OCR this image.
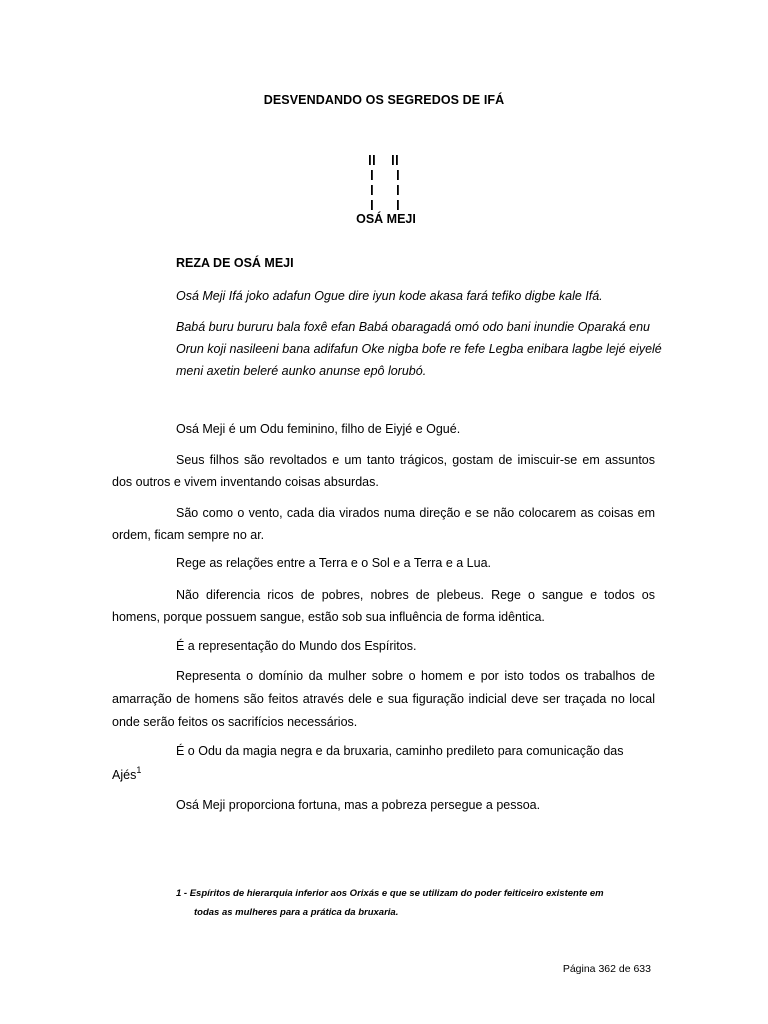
DESVENDANDO OS SEGREDOS DE IFÁ
OSÁ MEJI
REZA DE OSÁ MEJI
Osá Meji Ifá joko adafun Ogue dire iyun kode akasa fará tefiko digbe kale Ifá.
Babá buru bururu bala foxê efan Babá obaragadá omó odo bani inundie Oparaká enu Orun koji nasileeni bana adifafun Oke nigba bofe re fefe Legba enibara lagbe lejé eiyelé meni axetin beleré aunko anunse epô lorubó.
Osá Meji é um Odu feminino, filho de Eiyjé e Ogué.
Seus filhos são revoltados e um tanto trágicos, gostam de imiscuir-se em assuntos dos outros e vivem inventando coisas absurdas.
São como o vento, cada dia virados numa direção e se não colocarem as coisas em ordem, ficam sempre no ar.
Rege as relações entre a Terra e o Sol e a Terra e a Lua.
Não diferencia ricos de pobres, nobres de plebeus. Rege o sangue e todos os homens, porque possuem sangue, estão sob sua influência de forma idêntica.
É a representação do Mundo dos Espíritos.
Representa o domínio da mulher sobre o homem e por isto todos os trabalhos de amarração de homens são feitos através dele e sua figuração indicial deve ser traçada no local onde serão feitos os sacrifícios necessários.
É o Odu da magia negra e da bruxaria, caminho predileto para comunicação das
Ajés$^1$
Osá Meji proporciona fortuna, mas a pobreza persegue a pessoa.
1 - Espíritos de hierarquia inferior aos Orixás e que se utilizam do poder feiticeiro existente em
todas as mulheres para a prática da bruxaria.
Página 362 de 633
